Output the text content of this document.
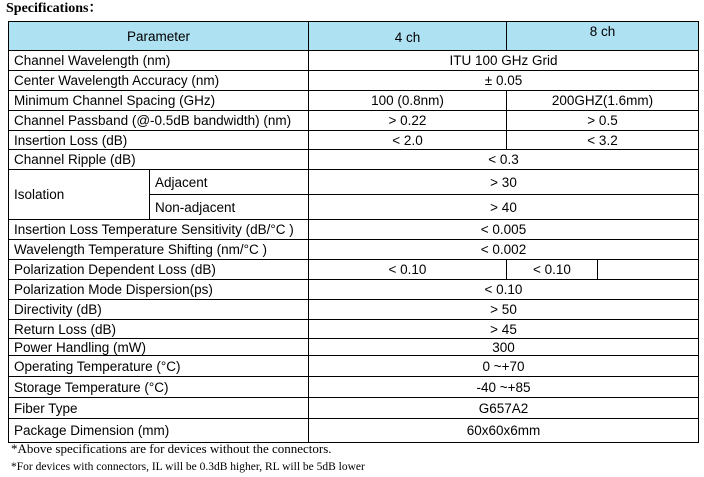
Specifications：
Parameter	4 ch	8 ch
Channel Wavelength (nm)	ITU 100 GHz Grid
Center Wavelength Accuracy (nm)	± 0.05
Minimum Channel Spacing (GHz)	100 (0.8nm)	200GHZ(1.6mm)
Channel Passband (@-0.5dB bandwidth) (nm)	> 0.22	> 0.5
Insertion Loss (dB)	< 2.0	< 3.2
Channel Ripple (dB)	< 0.3
Isolation
Adjacent	> 30
Non-adjacent	> 40
Insertion Loss Temperature Sensitivity (dB/°C )	< 0.005
Wavelength Temperature Shifting (nm/°C )	< 0.002
Polarization Dependent Loss (dB)	< 0.10	< 0.10
Polarization Mode Dispersion(ps)	< 0.10
Directivity (dB)	> 50
Return Loss (dB)	> 45
Power Handling (mW)	300
Operating Temperature (°C)	0 ~+70
Storage Temperature (°C)	-40 ~+85
Fiber Type	G657A2
Package Dimension (mm)	60x60x6mm
*Above specifications are for devices without the connectors.
*For devices with connectors, IL will be 0.3dB higher, RL will be 5dB lower
